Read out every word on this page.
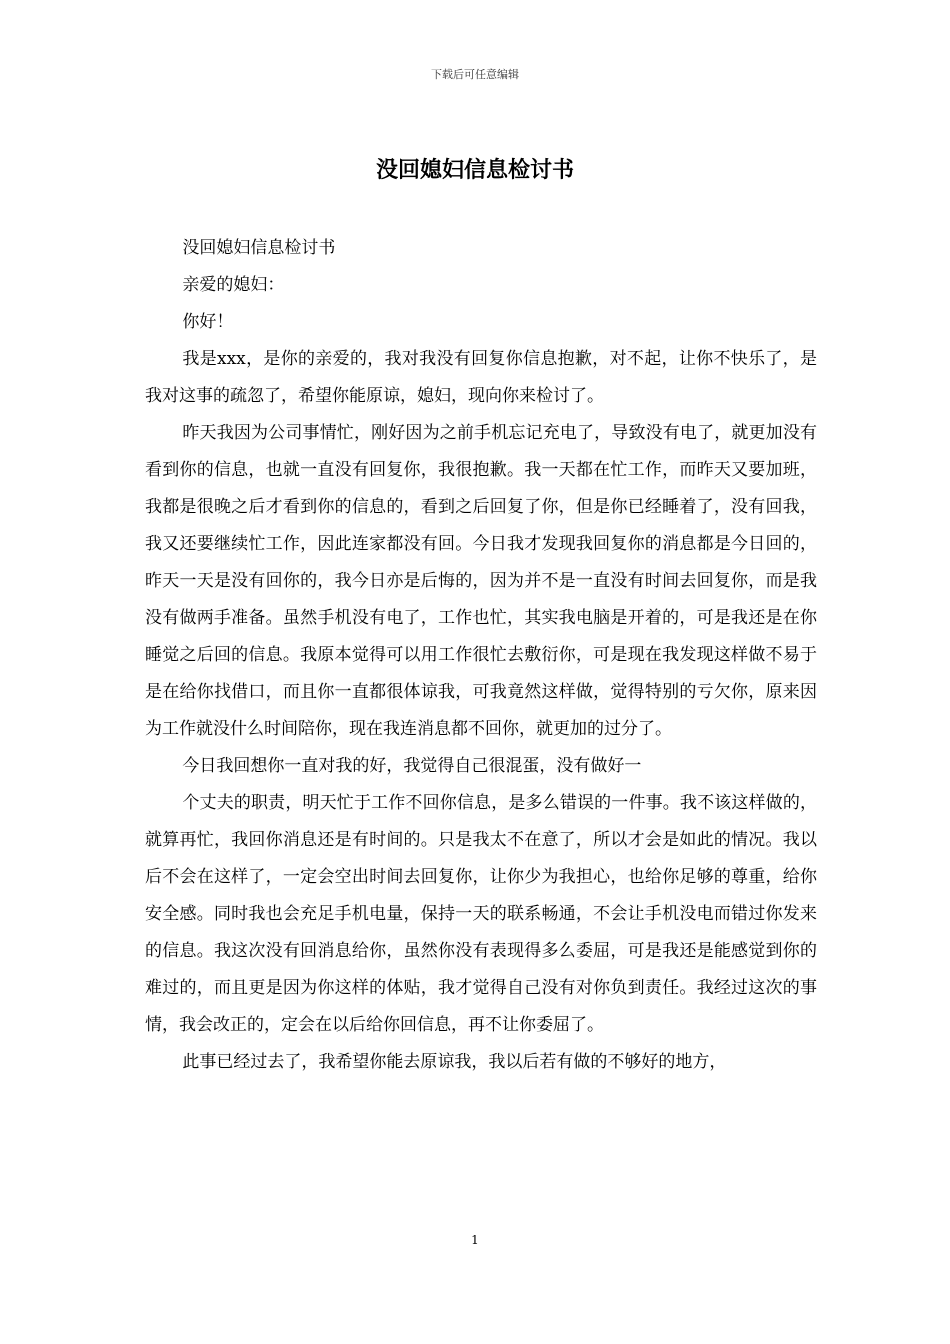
下载后可任意编辑
没回媳妇信息检讨书

没回媳妇信息检讨书

亲爱的媳妇：

你好！

我是xxx，是你的亲爱的，我对我没有回复你信息抱歉，对不起，让你不快乐了，是我对这事的疏忽了，希望你能原谅，媳妇，现向你来检讨了。

昨天我因为公司事情忙，刚好因为之前手机忘记充电了，导致没有电了，就更加没有看到你的信息，也就一直没有回复你，我很抱歉。我一天都在忙工作，而昨天又要加班，我都是很晚之后才看到你的信息的，看到之后回复了你，但是你已经睡着了，没有回我，我又还要继续忙工作，因此连家都没有回。今日我才发现我回复你的消息都是今日回的，昨天一天是没有回你的，我今日亦是后悔的，因为并不是一直没有时间去回复你，而是我没有做两手准备。虽然手机没有电了，工作也忙，其实我电脑是开着的，可是我还是在你睡觉之后回的信息。我原本觉得可以用工作很忙去敷衍你，可是现在我发现这样做不易于是在给你找借口，而且你一直都很体谅我，可我竟然这样做，觉得特别的亏欠你，原来因为工作就没什么时间陪你，现在我连消息都不回你，就更加的过分了。

今日我回想你一直对我的好，我觉得自己很混蛋，没有做好一

个丈夫的职责，明天忙于工作不回你信息，是多么错误的一件事。我不该这样做的，就算再忙，我回你消息还是有时间的。只是我太不在意了，所以才会是如此的情况。我以后不会在这样了，一定会空出时间去回复你，让你少为我担心，也给你足够的尊重，给你安全感。同时我也会充足手机电量，保持一天的联系畅通，不会让手机没电而错过你发来的信息。我这次没有回消息给你，虽然你没有表现得多么委屈，可是我还是能感觉到你的难过的，而且更是因为你这样的体贴，我才觉得自己没有对你负到责任。我经过这次的事情，我会改正的，定会在以后给你回信息，再不让你委屈了。

此事已经过去了，我希望你能去原谅我，我以后若有做的不够好的地方，

1
